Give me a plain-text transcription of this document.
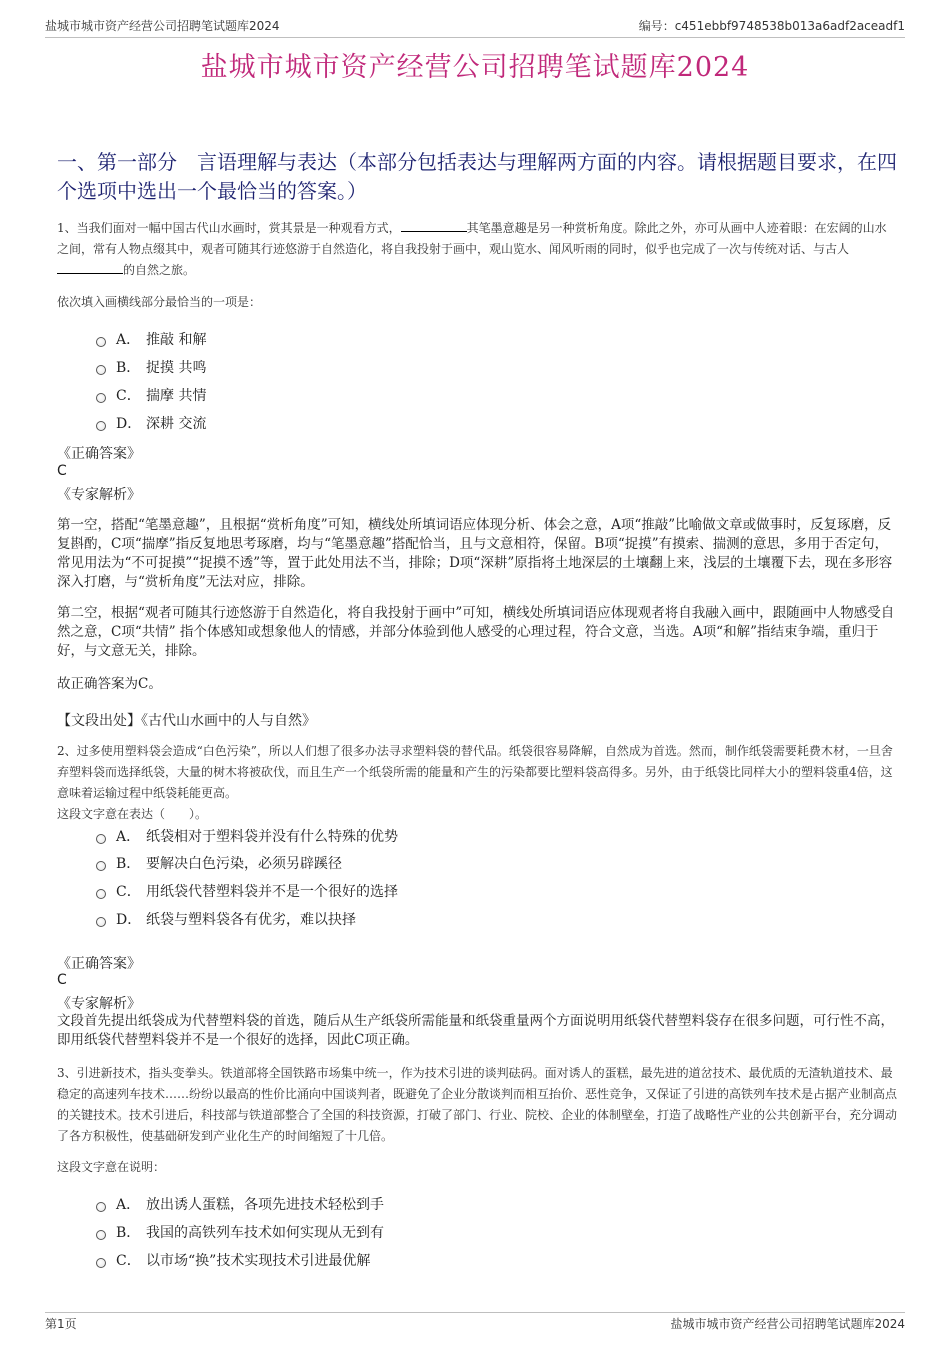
盐城市城市资产经营公司招聘笔试题库2024	编号：c451ebbf9748538b013a6adf2aceadf1
盐城市城市资产经营公司招聘笔试题库2024
一、第一部分　言语理解与表达（本部分包括表达与理解两方面的内容。请根据题目要求，在四个选项中选出一个最恰当的答案。）

1、当我们面对一幅中国古代山水画时，赏其景是一种观看方式，	其笔墨意趣是另一种赏析角度。除此之外，亦可从画中人迹着眼：在宏阔的山水之间，常有人物点缀其中，观者可随其行迹悠游于自然造化，将自我投射于画中，观山览水、闻风听雨的同时，似乎也完成了一次与传统对话、与古人的自然之旅。

依次填入画横线部分最恰当的一项是：

A． 推敲 和解
B． 捉摸 共鸣
C． 揣摩 共情
D． 深耕 交流
《正确答案》
C
《专家解析》

第一空，搭配“笔墨意趣”，且根据“赏析角度”可知，横线处所填词语应体现分析、体会之意，A项“推敲”比喻做文章或做事时，反复琢磨，反复斟酌，C项“揣摩”指反复地思考琢磨，均与“笔墨意趣”搭配恰当，且与文意相符，保留。B项“捉摸”有摸索、揣测的意思，多用于否定句，常见用法为“不可捉摸”“捉摸不透”等，置于此处用法不当，排除；D项“深耕”原指将土地深层的土壤翻上来，浅层的土壤覆下去，现在多形容深入打磨，与“赏析角度”无法对应，排除。

第二空，根据“观者可随其行迹悠游于自然造化，将自我投射于画中”可知，横线处所填词语应体现观者将自我融入画中，跟随画中人物感受自然之意，C项“共情” 指个体感知或想象他人的情感，并部分体验到他人感受的心理过程，符合文意，当选。A项“和解”指结束争端，重归于好，与文意无关，排除。

故正确答案为C。

【文段出处】《古代山水画中的人与自然》

2、过多使用塑料袋会造成“白色污染”，所以人们想了很多办法寻求塑料袋的替代品。纸袋很容易降解，自然成为首选。然而，制作纸袋需要耗费木材，一旦舍弃塑料袋而选择纸袋，大量的树木将被砍伐，而且生产一个纸袋所需的能量和产生的污染都要比塑料袋高得多。另外，由于纸袋比同样大小的塑料袋重4倍，这意味着运输过程中纸袋耗能更高。

这段文字意在表达（　　）。

A． 纸袋相对于塑料袋并没有什么特殊的优势
B． 要解决白色污染，必须另辟蹊径
C． 用纸袋代替塑料袋并不是一个很好的选择
D． 纸袋与塑料袋各有优劣，难以抉择
《正确答案》
C
《专家解析》

文段首先提出纸袋成为代替塑料袋的首选，随后从生产纸袋所需能量和纸袋重量两个方面说明用纸袋代替塑料袋存在很多问题，可行性不高，即用纸袋代替塑料袋并不是一个很好的选择，因此C项正确。

3、引进新技术，指头变拳头。铁道部将全国铁路市场集中统一，作为技术引进的谈判砝码。面对诱人的蛋糕，最先进的道岔技术、最优质的无渣轨道技术、最稳定的高速列车技术……纷纷以最高的性价比涌向中国谈判者，既避免了企业分散谈判而相互抬价、恶性竞争，又保证了引进的高铁列车技术是占据产业制高点的关键技术。技术引进后，科技部与铁道部整合了全国的科技资源，打破了部门、行业、院校、企业的体制壁垒，打造了战略性产业的公共创新平台，充分调动了各方积极性，使基础研发到产业化生产的时间缩短了十几倍。

这段文字意在说明：

A． 放出诱人蛋糕，各项先进技术轻松到手
B． 我国的高铁列车技术如何实现从无到有
C． 以市场“换”技术实现技术引进最优解
第1页	盐城市城市资产经营公司招聘笔试题库2024
